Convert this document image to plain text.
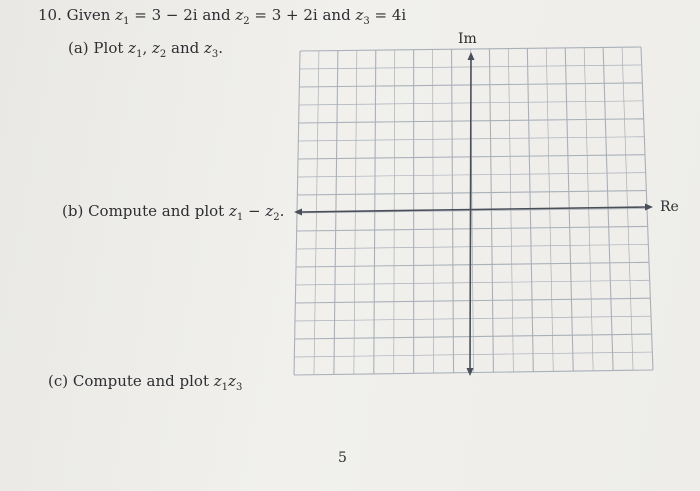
10. Given $z_1 = 3 - 2i$ and $z_2 = 3 + 2i$ and $z_3 = 4i$
(a) Plot $z_1$, $z_2$ and $z_3$.
(b) Compute and plot $z_1 - z_2$.
(c) Compute and plot $z_1z_3$
Im
Re
5
